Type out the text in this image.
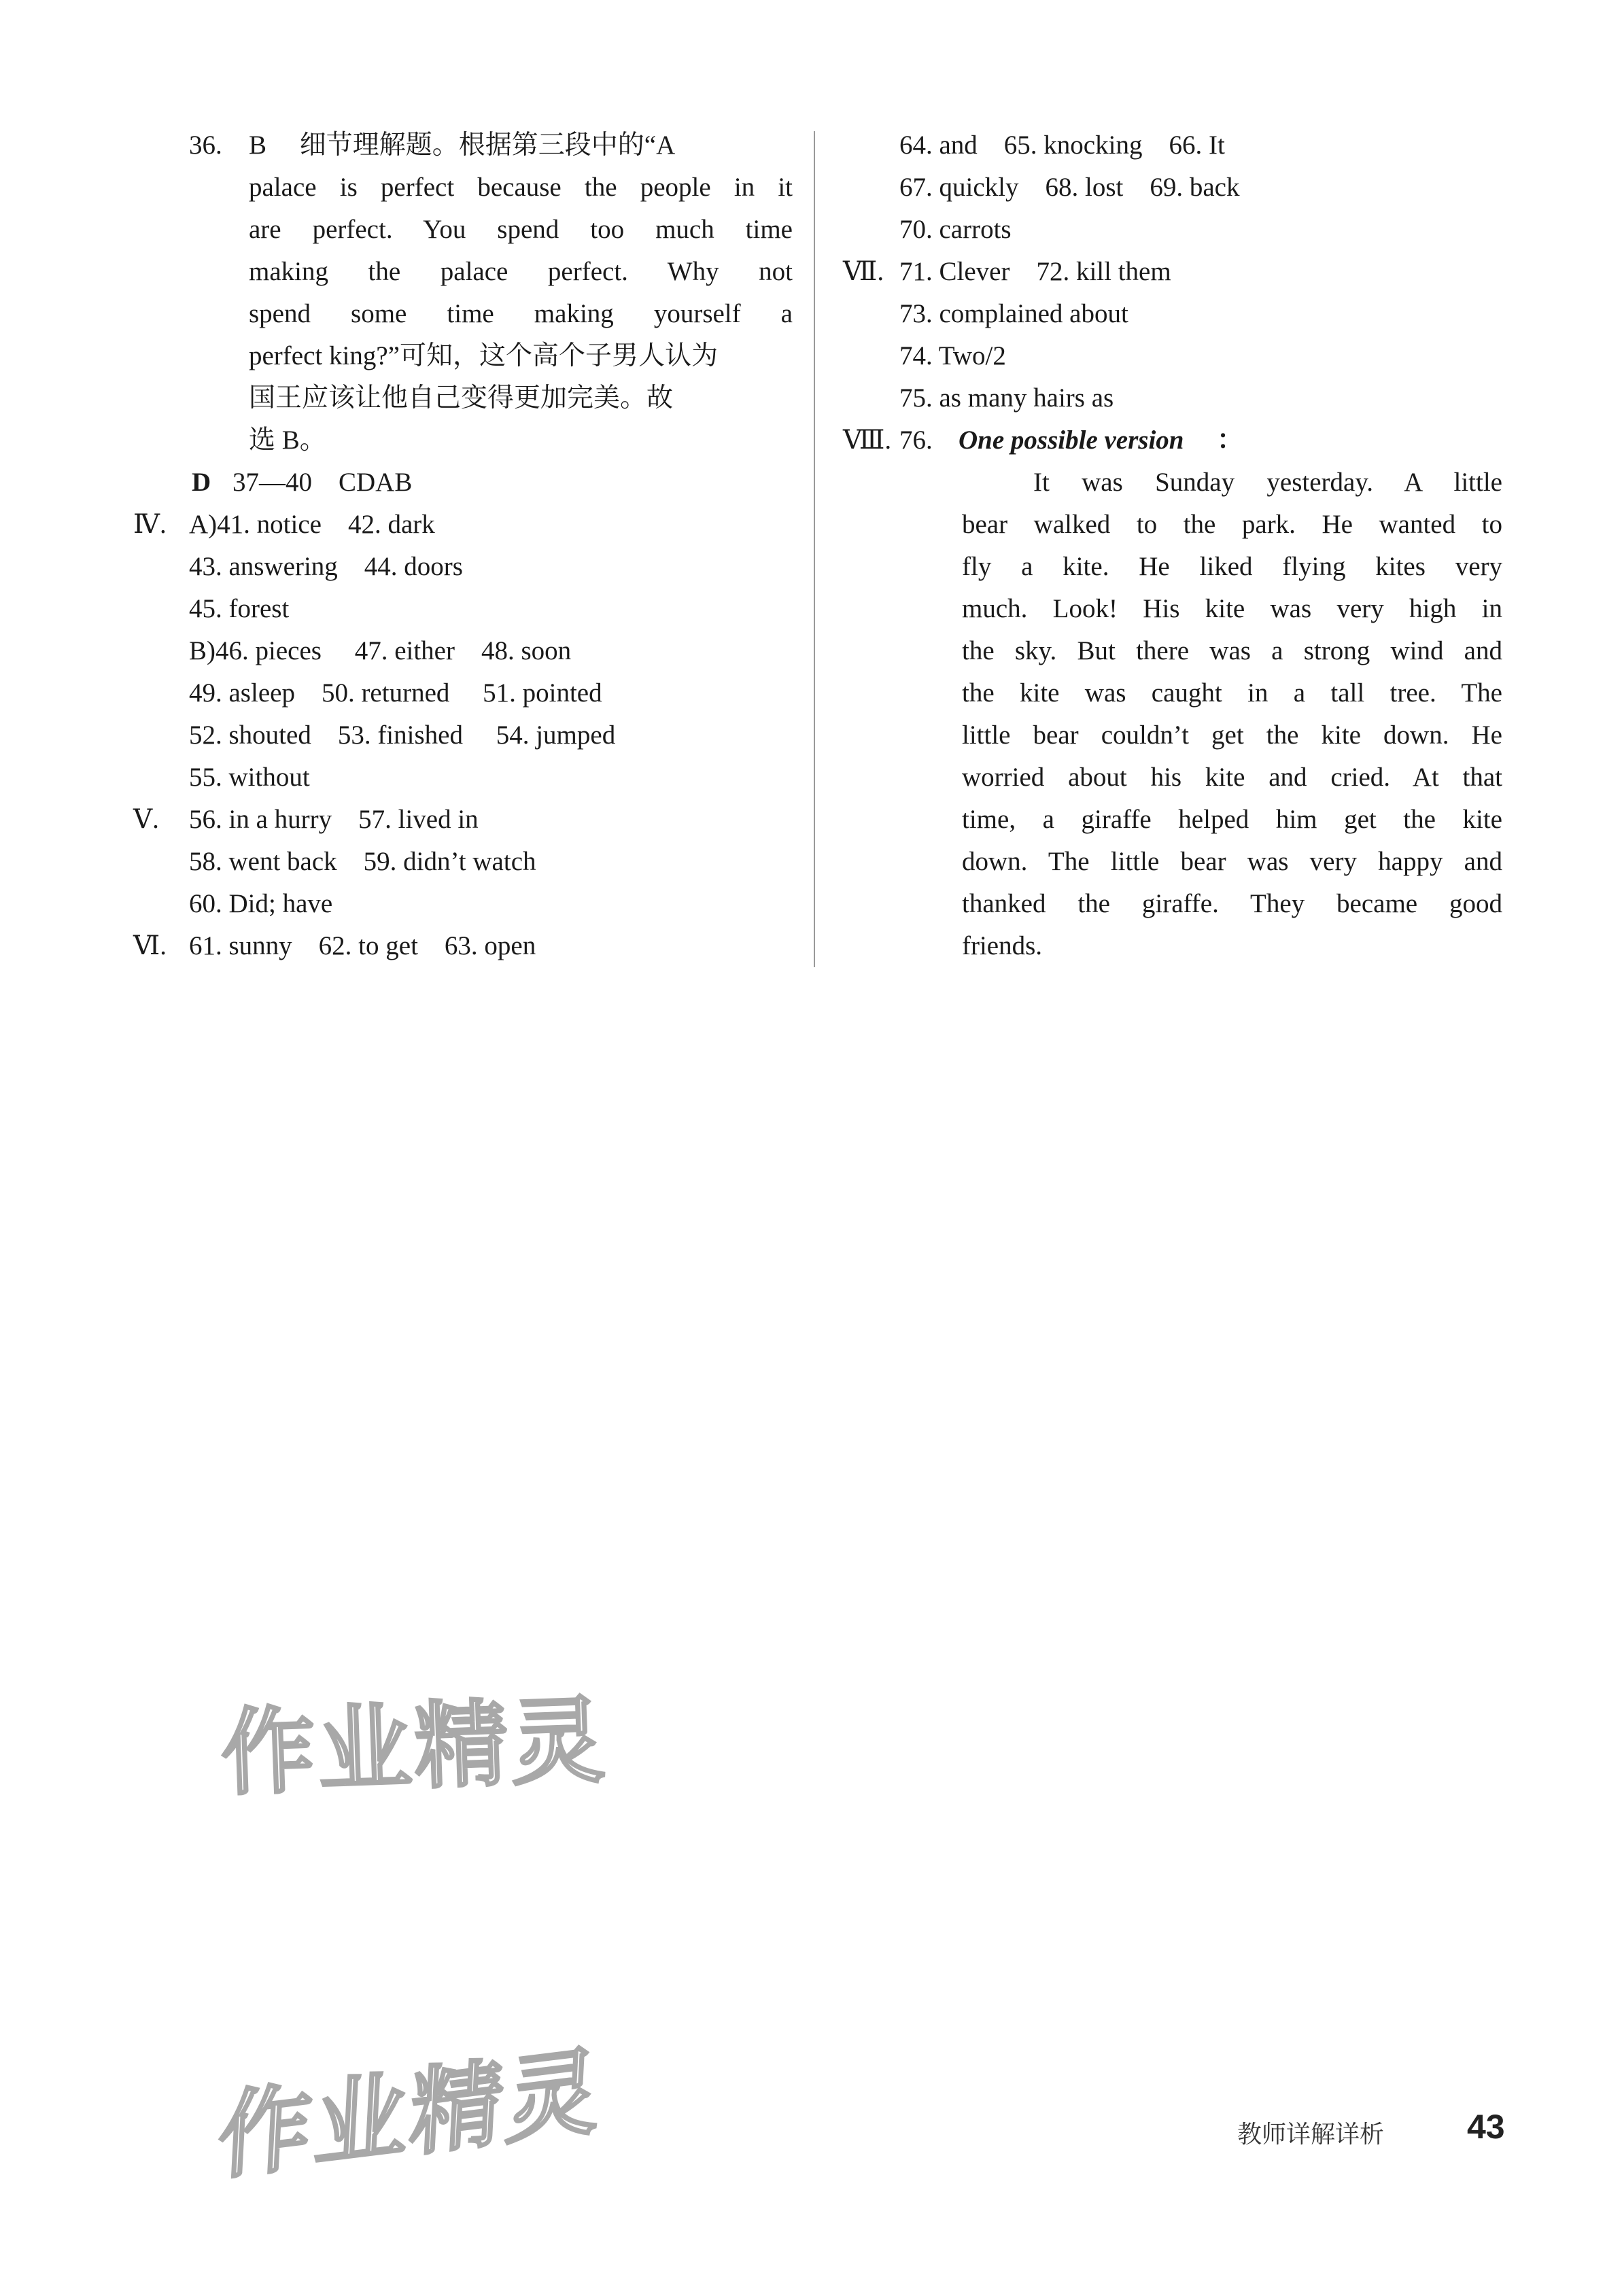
36. B　 细节理解题。根据第三段中的“A
palace is perfect because the people in it
are perfect. You spend too much time
making the palace perfect. Why not
spend some time making yourself a
perfect king?”可知，这个高个子男人认为
国王应该让他自己变得更加完美。故
选 B。
D 37—40　CDAB
Ⅳ. A)41. notice　42. dark
43. answering　44. doors
45. forest
B)46. pieces　 47. either　48. soon
49. asleep　50. returned　 51. pointed
52. shouted　53. finished　 54. jumped
55. without
Ⅴ. 56. in a hurry　57. lived in
58. went back　59. didn’t watch
60. Did; have
Ⅵ. 61. sunny　62. to get　63. open
64. and　65. knocking　66. It
67. quickly　68. lost　69. back
70. carrots
Ⅶ. 71. Clever　72. kill them
73. complained about
74. Two/2
75. as many hairs as
Ⅷ. 76. One possible version ：
It was Sunday yesterday. A little
bear walked to the park. He wanted to
fly a kite. He liked flying kites very
much. Look! His kite was very high in
the sky. But there was a strong wind and
the kite was caught in a tall tree. The
little bear couldn’t get the kite down. He
worried about his kite and cried. At that
time, a giraffe helped him get the kite
down. The little bear was very happy and
thanked the giraffe. They became good
friends.
作业精灵
作业精灵	教师详解详析 43
